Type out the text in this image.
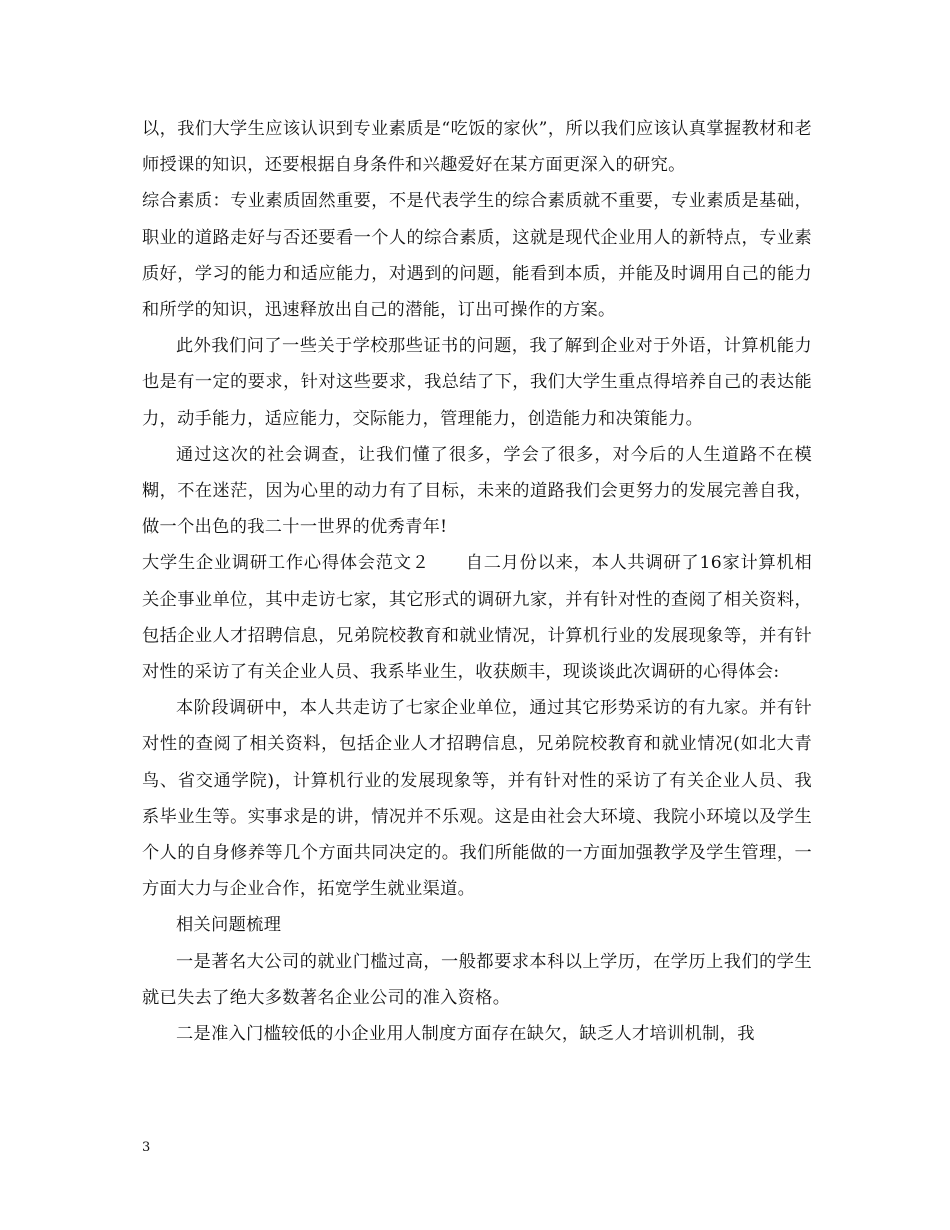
以，我们大学生应该认识到专业素质是“吃饭的家伙”，所以我们应该认真掌握教材和老师授课的知识，还要根据自身条件和兴趣爱好在某方面更深入的研究。

综合素质：专业素质固然重要，不是代表学生的综合素质就不重要，专业素质是基础，职业的道路走好与否还要看一个人的综合素质，这就是现代企业用人的新特点，专业素质好，学习的能力和适应能力，对遇到的问题，能看到本质，并能及时调用自己的能力和所学的知识，迅速释放出自己的潜能，订出可操作的方案。

此外我们问了一些关于学校那些证书的问题，我了解到企业对于外语，计算机能力也是有一定的要求，针对这些要求，我总结了下，我们大学生重点得培养自己的表达能力，动手能力，适应能力，交际能力，管理能力，创造能力和决策能力。

通过这次的社会调查，让我们懂了很多，学会了很多，对今后的人生道路不在模糊，不在迷茫，因为心里的动力有了目标，未来的道路我们会更努力的发展完善自我，做一个出色的我二十一世界的优秀青年!

大学生企业调研工作心得体会范文２　　自二月份以来，本人共调研了16家计算机相关企事业单位，其中走访七家，其它形式的调研九家，并有针对性的查阅了相关资料，包括企业人才招聘信息，兄弟院校教育和就业情况，计算机行业的发展现象等，并有针对性的采访了有关企业人员、我系毕业生，收获颇丰，现谈谈此次调研的心得体会:

本阶段调研中，本人共走访了七家企业单位，通过其它形势采访的有九家。并有针对性的查阅了相关资料，包括企业人才招聘信息，兄弟院校教育和就业情况(如北大青鸟、省交通学院)，计算机行业的发展现象等，并有针对性的采访了有关企业人员、我系毕业生等。实事求是的讲，情况并不乐观。这是由社会大环境、我院小环境以及学生个人的自身修养等几个方面共同决定的。我们所能做的一方面加强教学及学生管理，一方面大力与企业合作，拓宽学生就业渠道。

相关问题梳理

一是著名大公司的就业门槛过高，一般都要求本科以上学历，在学历上我们的学生就已失去了绝大多数著名企业公司的准入资格。

二是准入门槛较低的小企业用人制度方面存在缺欠，缺乏人才培训机制，我

3
